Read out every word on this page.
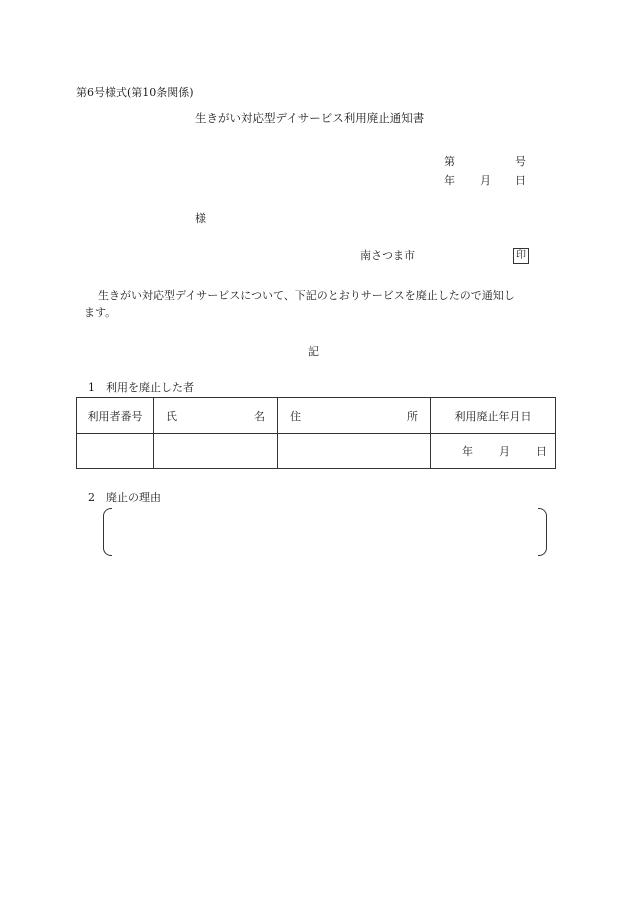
第6号様式(第10条関係)
生きがい対応型デイサービス利用廃止通知書
第	号
年 月 日
様
南さつま市	印
生きがい対応型デイサービスについて、下記のとおりサービスを廃止したので通知し
ます。
記
1　利用を廃止した者
利用者番号	氏 名	住 所	利用廃止年月日

			年 月 日
2　廃止の理由
